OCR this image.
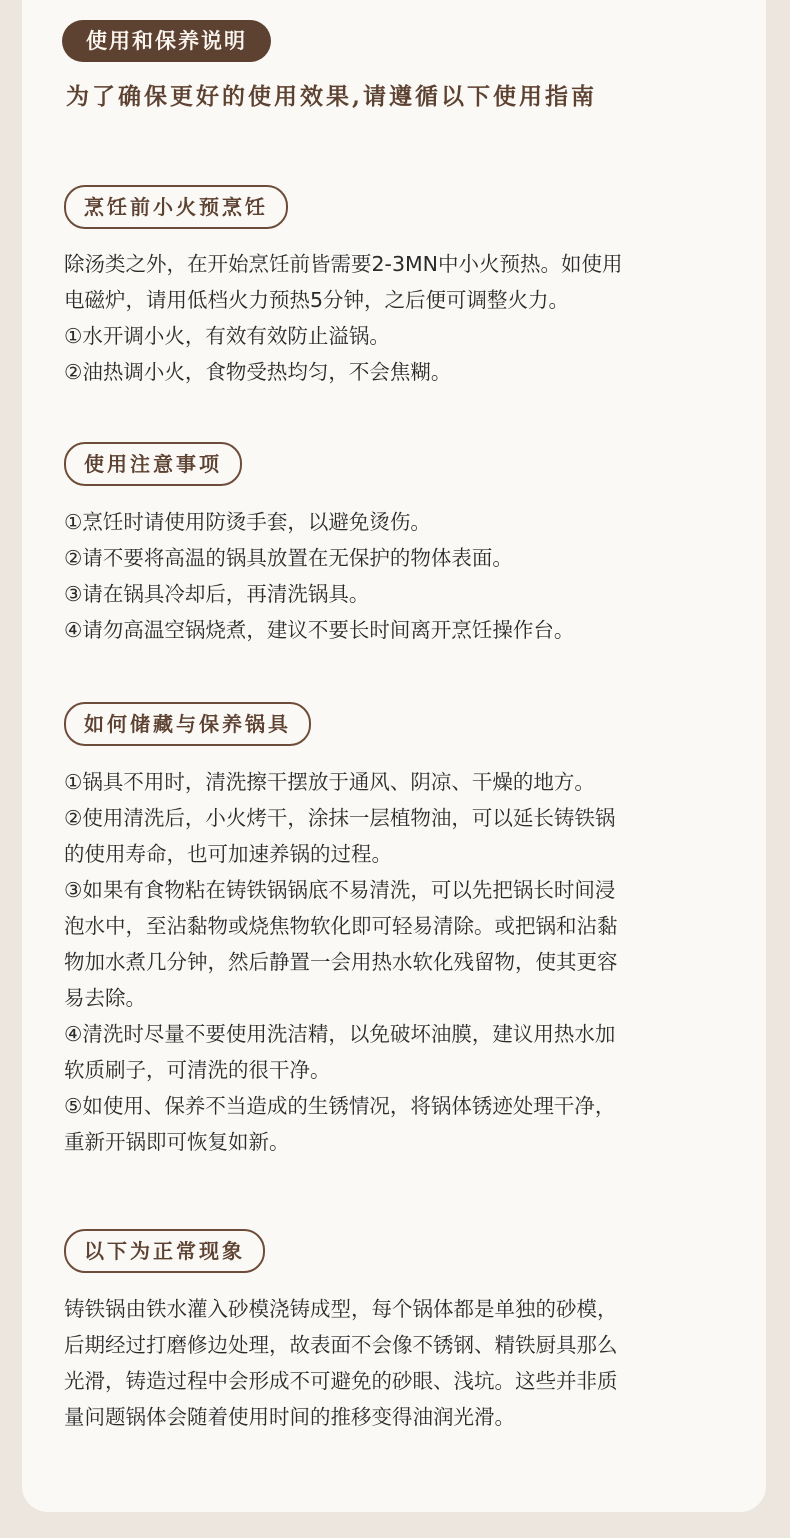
使用和保养说明
为了确保更好的使用效果,请遵循以下使用指南
烹饪前小火预烹饪

除汤类之外，在开始烹饪前皆需要2-3MN中小火预热。如使用

电磁炉，请用低档火力预热5分钟，之后便可调整火力。

①水开调小火，有效有效防止溢锅。

②油热调小火，食物受热均匀，不会焦糊。

使用注意事项

①烹饪时请使用防烫手套，以避免烫伤。

②请不要将高温的锅具放置在无保护的物体表面。

③请在锅具冷却后，再清洗锅具。

④请勿高温空锅烧煮，建议不要长时间离开烹饪操作台。

如何储藏与保养锅具

①锅具不用时，清洗擦干摆放于通风、阴凉、干燥的地方。

②使用清洗后，小火烤干，涂抹一层植物油，可以延长铸铁锅

的使用寿命，也可加速养锅的过程。

③如果有食物粘在铸铁锅锅底不易清洗，可以先把锅长时间浸

泡水中，至沾黏物或烧焦物软化即可轻易清除。或把锅和沾黏

物加水煮几分钟，然后静置一会用热水软化残留物，使其更容

易去除。

④清洗时尽量不要使用洗洁精，以免破坏油膜，建议用热水加

软质刷子，可清洗的很干净。

⑤如使用、保养不当造成的生锈情况，将锅体锈迹处理干净，

重新开锅即可恢复如新。

以下为正常现象

铸铁锅由铁水灌入砂模浇铸成型，每个锅体都是单独的砂模，

后期经过打磨修边处理，故表面不会像不锈钢、精铁厨具那么

光滑，铸造过程中会形成不可避免的砂眼、浅坑。这些并非质

量问题锅体会随着使用时间的推移变得油润光滑。
